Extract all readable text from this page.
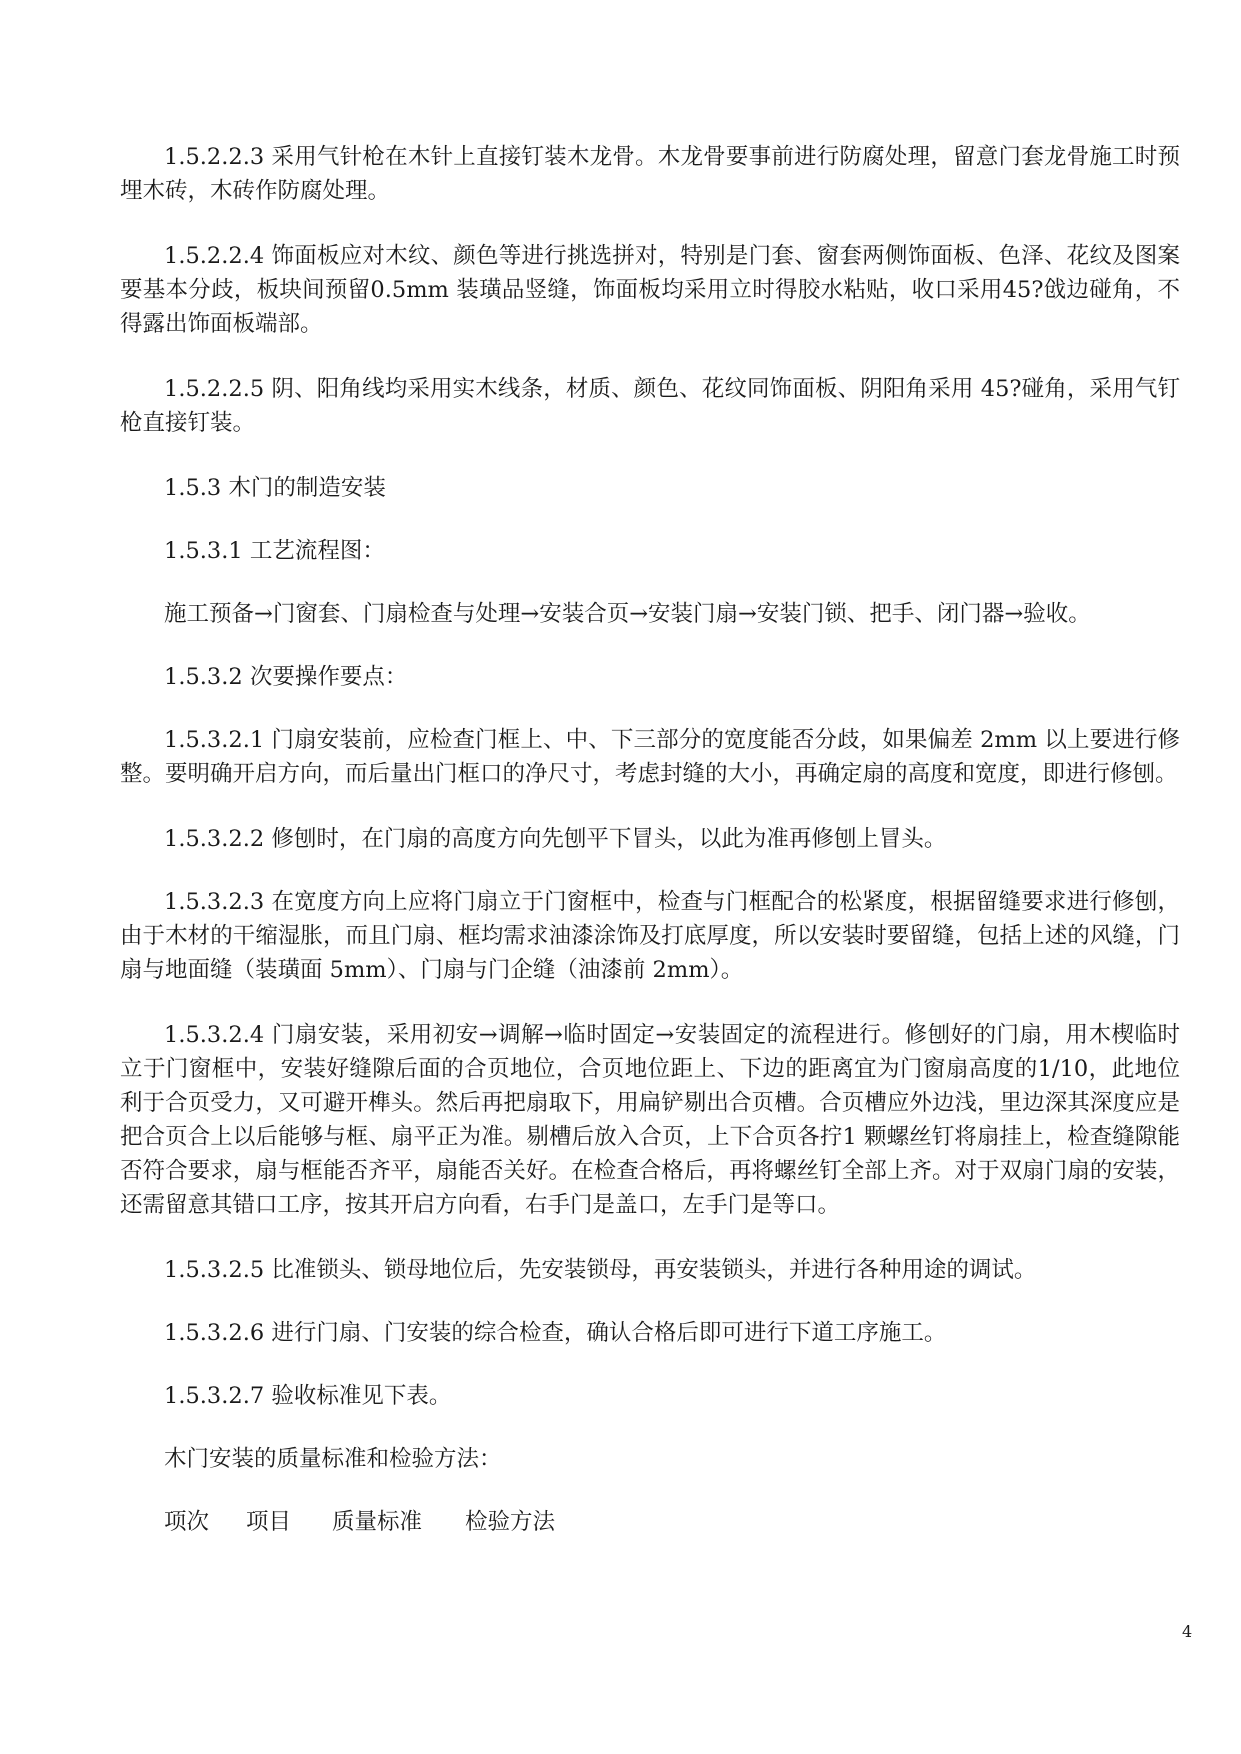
1.5.2.2.3 采用气针枪在木针上直接钉装木龙骨。木龙骨要事前进行防腐处理，留意门套龙骨施工时预埋木砖，木砖作防腐处理。

1.5.2.2.4 饰面板应对木纹、颜色等进行挑选拼对，特别是门套、窗套两侧饰面板、色泽、花纹及图案要基本分歧，板块间预留0.5mm 装璜品竖缝，饰面板均采用立时得胶水粘贴，收口采用45?戗边碰角，不得露出饰面板端部。

1.5.2.2.5 阴、阳角线均采用实木线条，材质、颜色、花纹同饰面板、阴阳角采用 45?碰角，采用气钉枪直接钉装。

1.5.3 木门的制造安装

1.5.3.1 工艺流程图：

施工预备→门窗套、门扇检查与处理→安装合页→安装门扇→安装门锁、把手、闭门器→验收。

1.5.3.2 次要操作要点：

1.5.3.2.1 门扇安装前，应检查门框上、中、下三部分的宽度能否分歧，如果偏差 2mm 以上要进行修整。要明确开启方向，而后量出门框口的净尺寸，考虑封缝的大小，再确定扇的高度和宽度，即进行修刨。

1.5.3.2.2 修刨时，在门扇的高度方向先刨平下冒头，以此为准再修刨上冒头。

1.5.3.2.3 在宽度方向上应将门扇立于门窗框中，检查与门框配合的松紧度，根据留缝要求进行修刨，由于木材的干缩湿胀，而且门扇、框均需求油漆涂饰及打底厚度，所以安装时要留缝，包括上述的风缝，门扇与地面缝（装璜面 5mm）、门扇与门企缝（油漆前 2mm）。

1.5.3.2.4 门扇安装，采用初安→调解→临时固定→安装固定的流程进行。修刨好的门扇，用木楔临时立于门窗框中，安装好缝隙后面的合页地位，合页地位距上、下边的距离宜为门窗扇高度的1/10，此地位利于合页受力，又可避开榫头。然后再把扇取下，用扁铲剔出合页槽。合页槽应外边浅，里边深其深度应是把合页合上以后能够与框、扇平正为准。剔槽后放入合页，上下合页各拧1 颗螺丝钉将扇挂上，检查缝隙能否符合要求，扇与框能否齐平，扇能否关好。在检查合格后，再将螺丝钉全部上齐。对于双扇门扇的安装，还需留意其错口工序，按其开启方向看，右手门是盖口，左手门是等口。

1.5.3.2.5 比准锁头、锁母地位后，先安装锁母，再安装锁头，并进行各种用途的调试。

1.5.3.2.6 进行门扇、门安装的综合检查，确认合格后即可进行下道工序施工。

1.5.3.2.7 验收标准见下表。

木门安装的质量标准和检验方法：

项次	项目	质量标准	检验方法
4
